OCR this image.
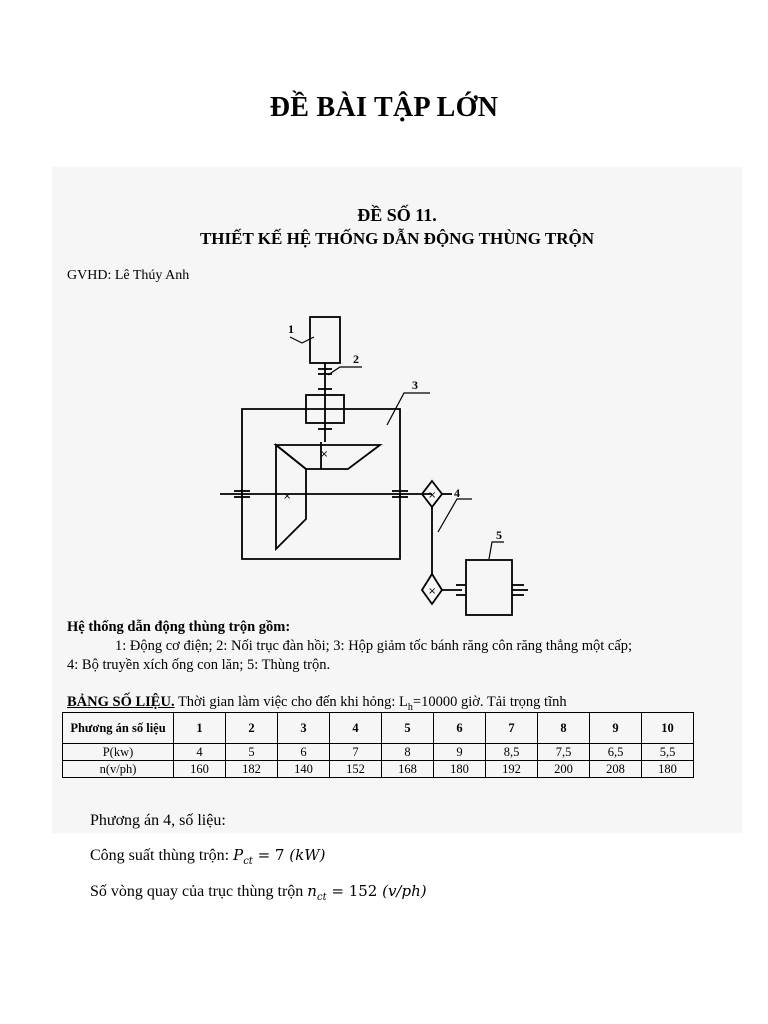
ĐỀ BÀI TẬP LỚN
ĐỀ SỐ 11.
THIẾT KẾ HỆ THỐNG DẪN ĐỘNG THÙNG TRỘN
GVHD: Lê Thúy Anh
1
2
3
4
5
×
×	×
×
Hệ thống dẫn động thùng trộn gồm:
1: Động cơ điện; 2: Nối trục đàn hồi; 3: Hộp giảm tốc bánh răng côn răng thẳng một cấp;
4: Bộ truyền xích ống con lăn; 5: Thùng trộn.
BẢNG SỐ LIỆU. Thời gian làm việc cho đến khi hỏng: $L_h=10000$ giờ. Tải trọng tĩnh
Phương án số liệu	1	2	3	4	5	6	7	8	9	10
P(kw)	4	5	6	7	8	9	8,5	7,5	6,5	5,5
n(v/ph)	160	182	140	152	168	180	192	200	208	180
Phương án 4, số liệu:
Công suất thùng trộn: $P_{ct} = 7$ (kW)
Số vòng quay của trục thùng trộn $n_{ct} = 152$ (v/ph)
